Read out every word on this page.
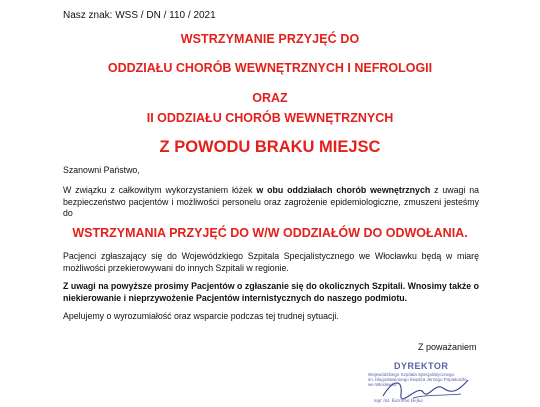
Nasz znak: WSS / DN / 110 / 2021
WSTRZYMANIE PRZYJĘĆ DO
ODDZIAŁU CHORÓB WEWNĘTRZNYCH I NEFROLOGII
ORAZ
II ODDZIAŁU CHORÓB WEWNĘTRZNYCH
Z POWODU BRAKU MIEJSC
Szanowni Państwo,
W związku z całkowitym wykorzystaniem łóżek w obu oddziałach chorób wewnętrznych z uwagi na bezpieczeństwo pacjentów i możliwości personelu oraz zagrożenie epidemiologiczne, zmuszeni jesteśmy do
WSTRZYMANIA PRZYJĘĆ DO W/W ODDZIAŁÓW DO ODWOŁANIA.
Pacjenci zgłaszający się do Wojewódzkiego Szpitala Specjalistycznego we Włocławku będą w miarę możliwości przekierowywani do innych Szpitali w regionie.
Z uwagi na powyższe prosimy Pacjentów o zgłaszanie się do okolicznych Szpitali. Wnosimy także o niekierowanie i nieprzywożenie Pacjentów internistycznych do naszego podmiotu.
Apelujemy o wyrozumiałość oraz wsparcie podczas tej trudnej sytuacji.
Z poważaniem
DYREKTOR
Wojewódzkiego Szpitala Specjalistycznego
im. błogosławionego księdza Jerzego Popiełuszki
we Włocławku
mgr inż. Karolina Hejka
